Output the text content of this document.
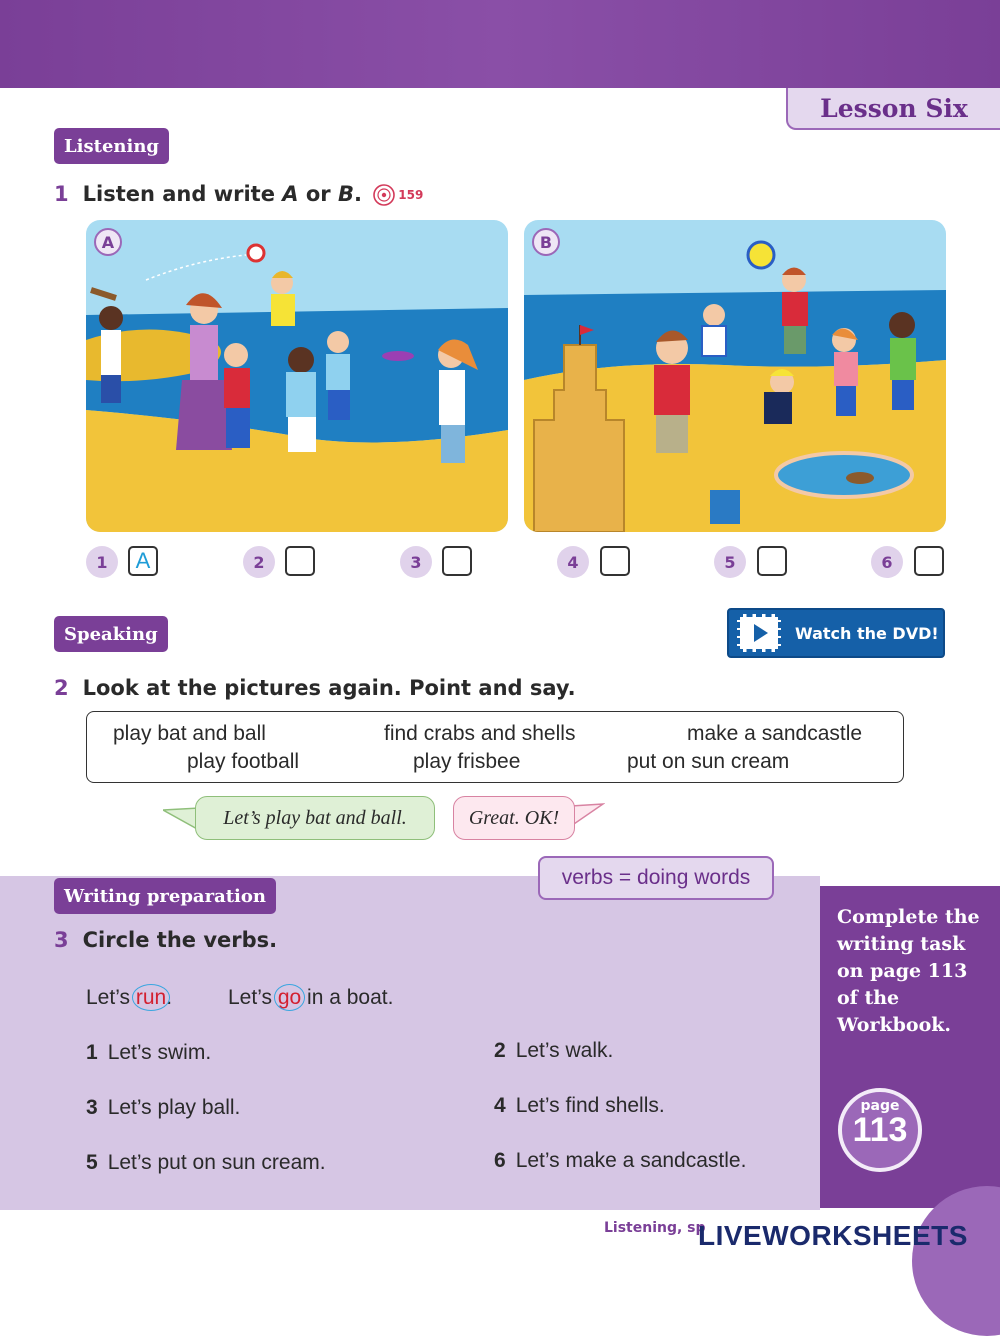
Lesson Six
Listening
1 Listen and write A or B.	159
A	B
1	A	2	3	4	5	6
Speaking	Watch the DVD!
2 Look at the pictures again. Point and say.
play bat and ball	find crabs and shells	make a sandcastle
play football	play frisbee	put on sun cream
Let’s play bat and ball.	Great. OK!
Complete the writing task on page 113 of the Workbook.
page
113
verbs = doing words
Writing preparation
3 Circle the verbs.
Let’s run.	Let’s go in a boat.
1 Let’s swim.	2 Let’s walk.
3 Let’s play ball.	4 Let’s find shells.
5 Let’s put on sun cream.	6 Let’s make a sandcastle.
Listening, sp
LIVEWORKSHEETS
